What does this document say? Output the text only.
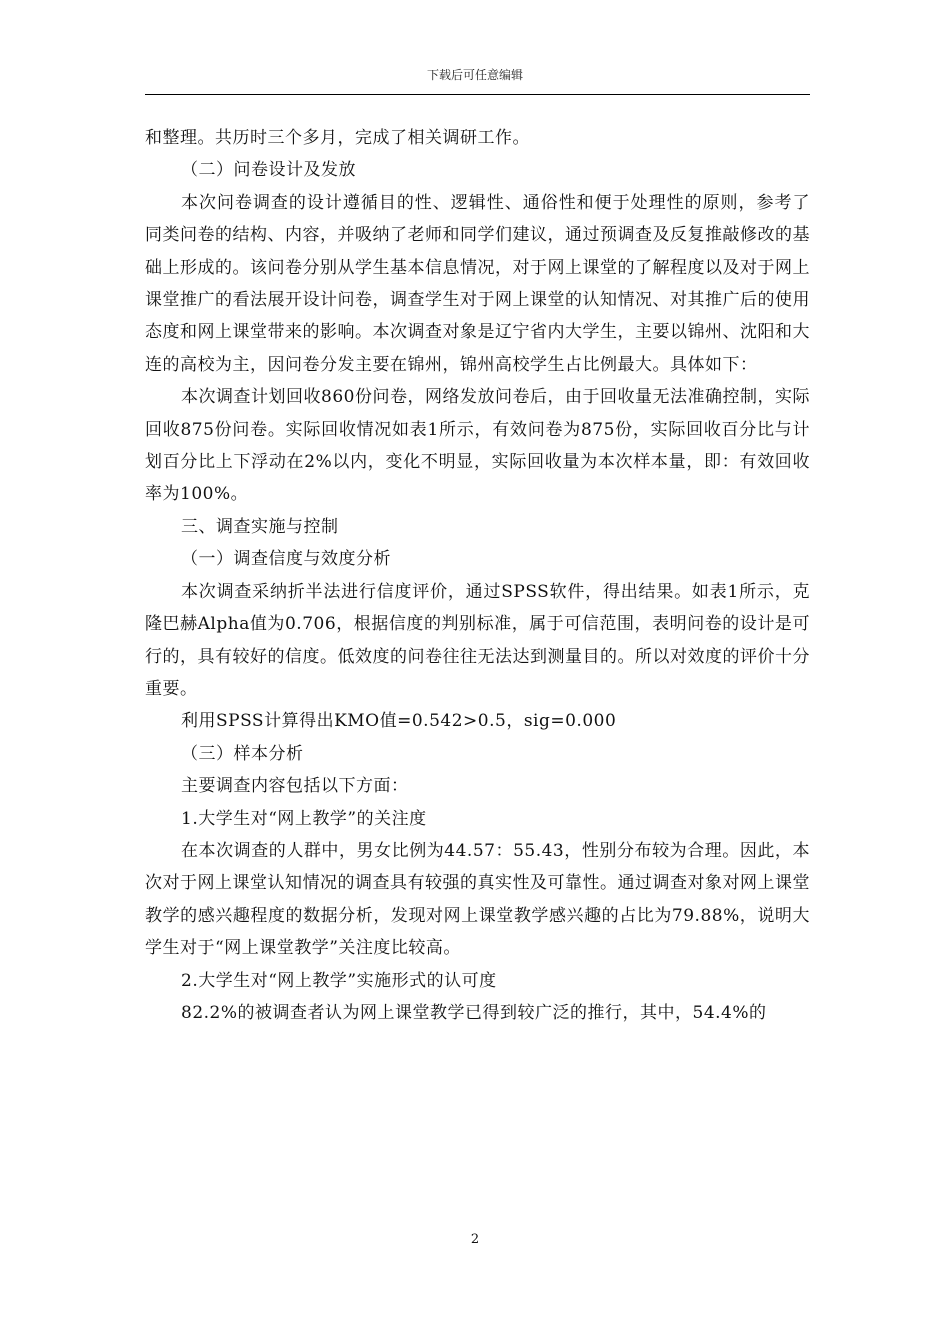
下载后可任意编辑

和整理。共历时三个多月，完成了相关调研工作。

（二）问卷设计及发放

本次问卷调查的设计遵循目的性、逻辑性、通俗性和便于处理性的原则，参考了同类问卷的结构、内容，并吸纳了老师和同学们建议，通过预调查及反复推敲修改的基础上形成的。该问卷分别从学生基本信息情况，对于网上课堂的了解程度以及对于网上课堂推广的看法展开设计问卷，调查学生对于网上课堂的认知情况、对其推广后的使用态度和网上课堂带来的影响。本次调查对象是辽宁省内大学生，主要以锦州、沈阳和大连的高校为主，因问卷分发主要在锦州，锦州高校学生占比例最大。具体如下：

本次调查计划回收860份问卷，网络发放问卷后，由于回收量无法准确控制，实际回收875份问卷。实际回收情况如表1所示，有效问卷为875份，实际回收百分比与计划百分比上下浮动在2%以内，变化不明显，实际回收量为本次样本量，即：有效回收率为100%。

三、调查实施与控制

（一）调查信度与效度分析

本次调查采纳折半法进行信度评价，通过SPSS软件，得出结果。如表1所示，克隆巴赫Alpha值为0.706，根据信度的判别标准，属于可信范围，表明问卷的设计是可行的，具有较好的信度。低效度的问卷往往无法达到测量目的。所以对效度的评价十分重要。

利用SPSS计算得出KMO值=0.542>0.5，sig=0.000

（三）样本分析

主要调查内容包括以下方面：

1.大学生对“网上教学”的关注度

在本次调查的人群中，男女比例为44.57：55.43，性别分布较为合理。因此，本次对于网上课堂认知情况的调查具有较强的真实性及可靠性。通过调查对象对网上课堂教学的感兴趣程度的数据分析，发现对网上课堂教学感兴趣的占比为79.88%，说明大学生对于“网上课堂教学”关注度比较高。

2.大学生对“网上教学”实施形式的认可度

82.2%的被调查者认为网上课堂教学已得到较广泛的推行，其中，54.4%的

2
